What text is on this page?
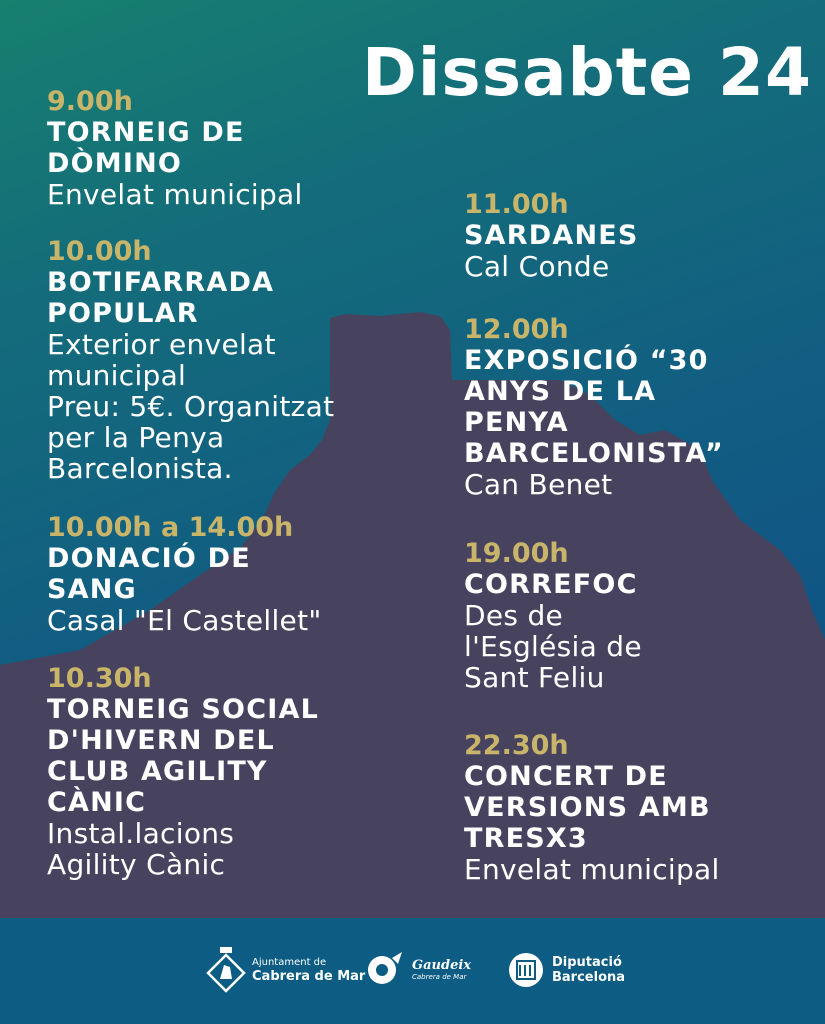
Dissabte 24
9.00h
TORNEIG DE
DÒMINO
Envelat municipal
10.00h
BOTIFARRADA
POPULAR
Exterior envelat
municipal
Preu: 5€. Organitzat
per la Penya
Barcelonista.
10.00h a 14.00h
DONACIÓ DE
SANG
Casal "El Castellet"
10.30h
TORNEIG SOCIAL
D'HIVERN DEL
CLUB AGILITY
CÀNIC
Instal.lacions
Agility Cànic
11.00h
SARDANES
Cal Conde
12.00h
EXPOSICIÓ “30
ANYS DE LA
PENYA
BARCELONISTA”
Can Benet
19.00h
CORREFOC
Des de
l'Església de
Sant Feliu
22.30h
CONCERT DE
VERSIONS AMB
TRESX3
Envelat municipal
Ajuntament de
Cabrera de Mar
Gaudeix
Cabrera de Mar
Diputació
Barcelona
